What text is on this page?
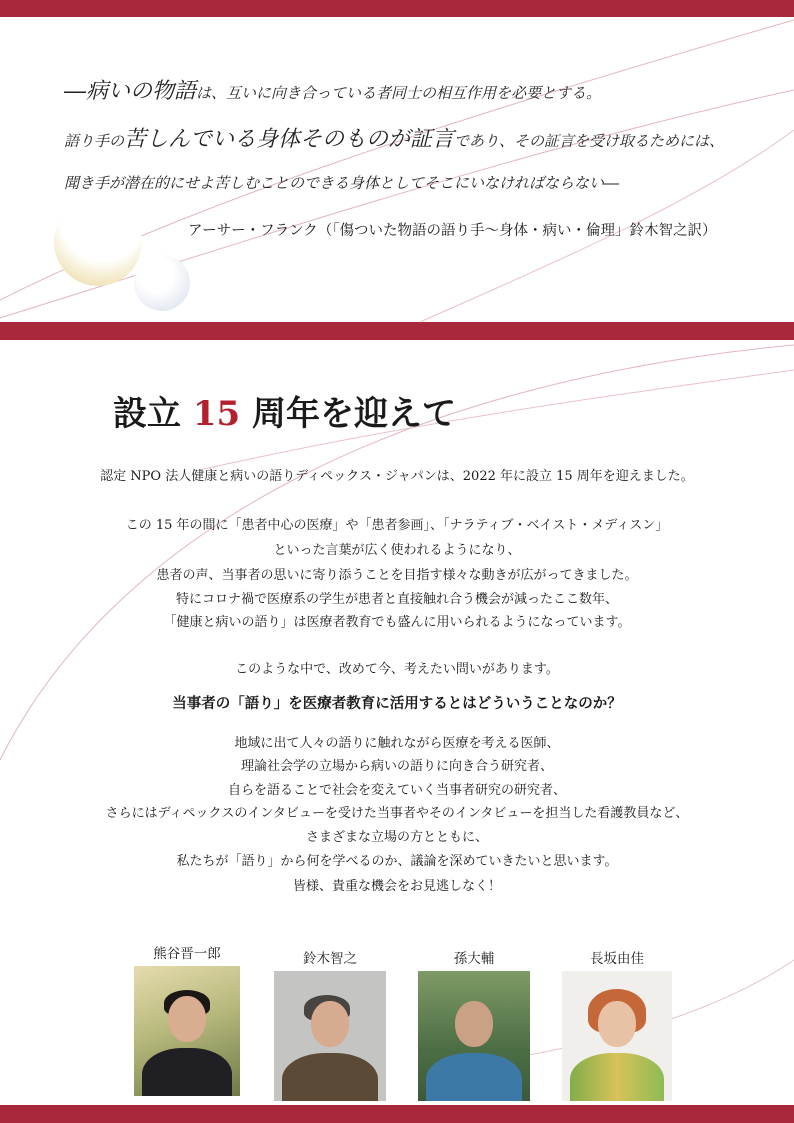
―病いの物語は、互いに向き合っている者同士の相互作用を必要とする。
語り手の苦しんでいる身体そのものが証言であり、その証言を受け取るためには、
聞き手が潜在的にせよ苦しむことのできる身体としてそこにいなければならない―
アーサー・フランク（「傷ついた物語の語り手～身体・病い・倫理」鈴木智之訳）
設立 15 周年を迎えて
認定 NPO 法人健康と病いの語りディペックス・ジャパンは、2022 年に設立 15 周年を迎えました。
この 15 年の間に「患者中心の医療」や「患者参画」、「ナラティブ・ベイスト・メディスン」
といった言葉が広く使われるようになり、
患者の声、当事者の思いに寄り添うことを目指す様々な動きが広がってきました。
特にコロナ禍で医療系の学生が患者と直接触れ合う機会が減ったここ数年、
「健康と病いの語り」は医療者教育でも盛んに用いられるようになっています。
このような中で、改めて今、考えたい問いがあります。
当事者の「語り」を医療者教育に活用するとはどういうことなのか？
地域に出て人々の語りに触れながら医療を考える医師、
理論社会学の立場から病いの語りに向き合う研究者、
自らを語ることで社会を変えていく当事者研究の研究者、
さらにはディペックスのインタビューを受けた当事者やそのインタビューを担当した看護教員など、
さまざまな立場の方とともに、
私たちが「語り」から何を学べるのか、議論を深めていきたいと思います。
皆様、貴重な機会をお見逃しなく！
熊谷晋一郎	鈴木智之	孫大輔	長坂由佳
